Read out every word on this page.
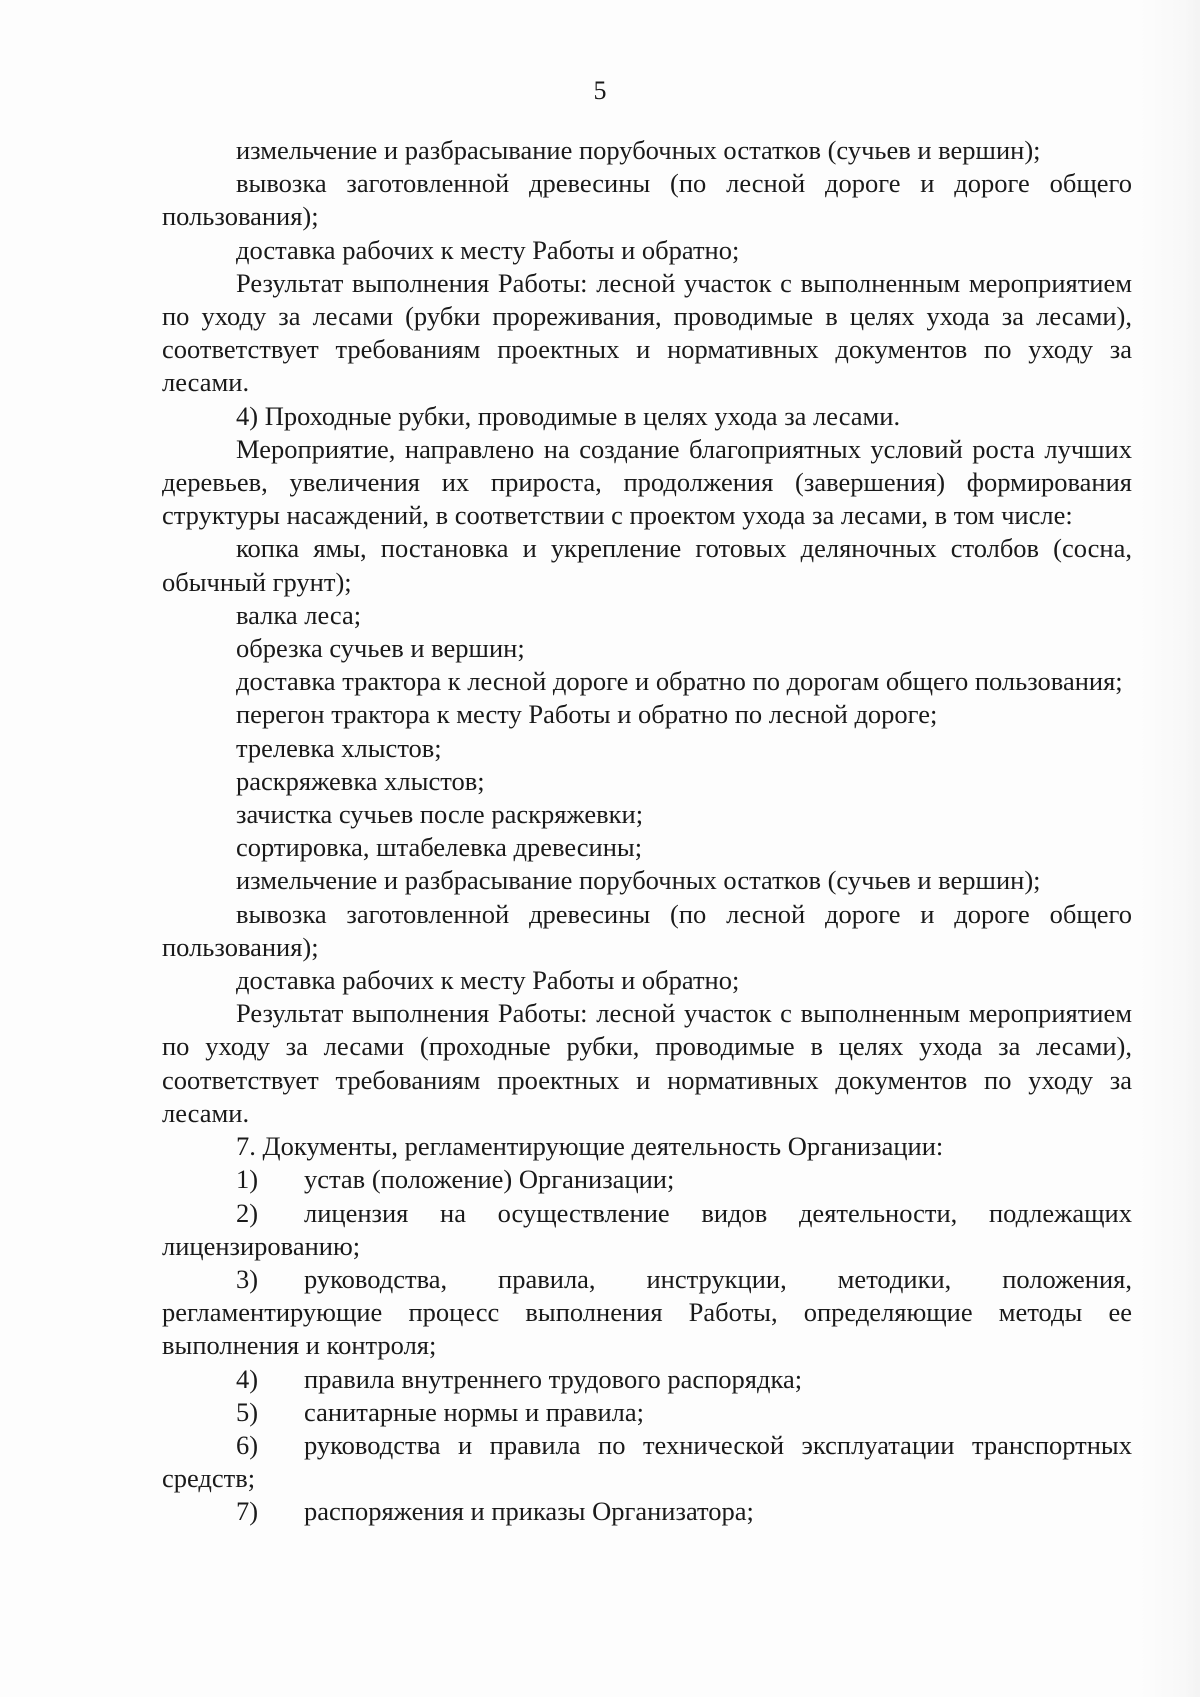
5

измельчение и разбрасывание порубочных остатков (сучьев и вершин);

вывозка заготовленной древесины (по лесной дороге и дороге общего пользования);

доставка рабочих к месту Работы и обратно;

Результат выполнения Работы: лесной участок с выполненным мероприятием по уходу за лесами (рубки прореживания, проводимые в целях ухода за лесами), соответствует требованиям проектных и нормативных документов по уходу за лесами.

4) Проходные рубки, проводимые в целях ухода за лесами.

Мероприятие, направлено на создание благоприятных условий роста лучших деревьев, увеличения их прироста, продолжения (завершения) формирования структуры насаждений, в соответствии с проектом ухода за лесами, в том числе:

копка ямы, постановка и укрепление готовых деляночных столбов (сосна, обычный грунт);

валка леса;

обрезка сучьев и вершин;

доставка трактора к лесной дороге и обратно по дорогам общего пользования;

перегон трактора к месту Работы и обратно по лесной дороге;

трелевка хлыстов;

раскряжевка хлыстов;

зачистка сучьев после раскряжевки;

сортировка, штабелевка древесины;

измельчение и разбрасывание порубочных остатков (сучьев и вершин);

вывозка заготовленной древесины (по лесной дороге и дороге общего пользования);

доставка рабочих к месту Работы и обратно;

Результат выполнения Работы: лесной участок с выполненным мероприятием по уходу за лесами (проходные рубки, проводимые в целях ухода за лесами), соответствует требованиям проектных и нормативных документов по уходу за лесами.

7. Документы, регламентирующие деятельность Организации:

1) устав (положение) Организации;

2) лицензия на осуществление видов деятельности, подлежащих лицензированию;

3) руководства, правила, инструкции, методики, положения, регламентирующие процесс выполнения Работы, определяющие методы ее выполнения и контроля;

4) правила внутреннего трудового распорядка;

5) санитарные нормы и правила;

6) руководства и правила по технической эксплуатации транспортных средств;

7) распоряжения и приказы Организатора;
